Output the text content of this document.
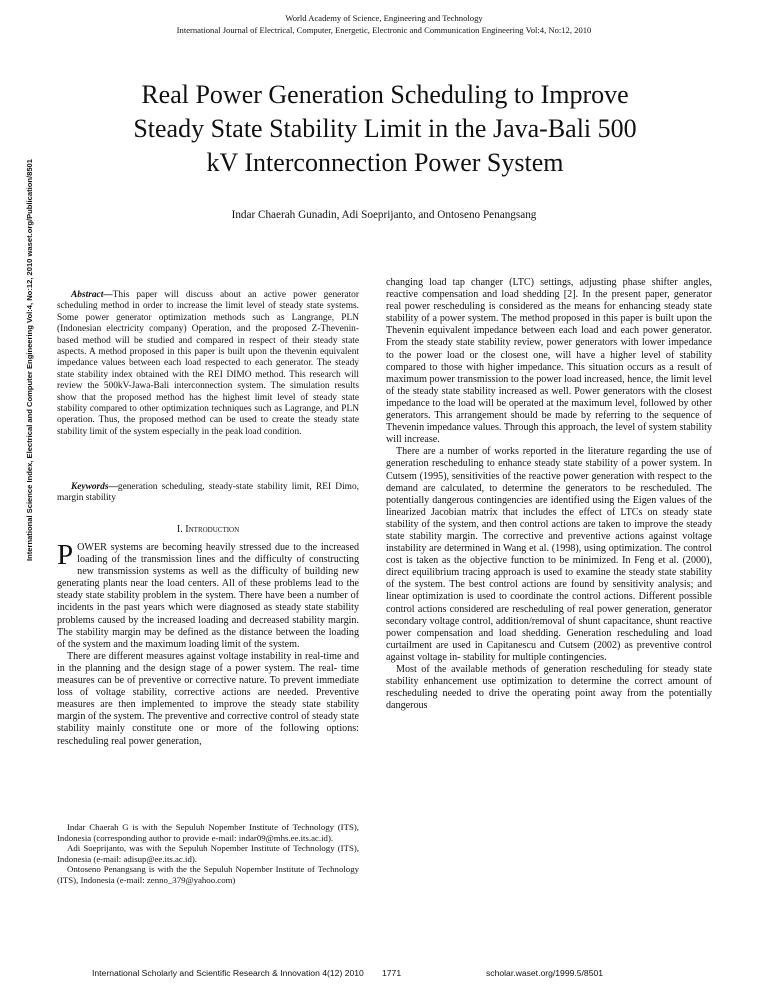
World Academy of Science, Engineering and Technology
International Journal of Electrical, Computer, Energetic, Electronic and Communication Engineering Vol:4, No:12, 2010
International Science Index, Electrical and Computer Engineering Vol:4, No:12, 2010 waset.org/Publication/8501
Real Power Generation Scheduling to Improve
Steady State Stability Limit in the Java-Bali 500
kV Interconnection Power System
Indar Chaerah Gunadin, Adi Soeprijanto, and Ontoseno Penangsang

Abstract—This paper will discuss about an active power generator scheduling method in order to increase the limit level of steady state systems. Some power generator optimization methods such as Langrange, PLN (Indonesian electricity company) Operation, and the proposed Z-Thevenin-based method will be studied and compared in respect of their steady state aspects. A method proposed in this paper is built upon the thevenin equivalent impedance values between each load respected to each generator. The steady state stability index obtained with the REI DIMO method. This research will review the 500kV-Jawa-Bali interconnection system. The simulation results show that the proposed method has the highest limit level of steady state stability compared to other optimization techniques such as Lagrange, and PLN operation. Thus, the proposed method can be used to create the steady state stability limit of the system especially in the peak load condition.

Keywords—generation scheduling, steady-state stability limit, REI Dimo, margin stability

I. Introduction

POWER systems are becoming heavily stressed due to the increased loading of the transmission lines and the difficulty of constructing new transmission systems as well as the difficulty of building new generating plants near the load centers. All of these problems lead to the steady state stability problem in the system. There have been a number of incidents in the past years which were diagnosed as steady state stability problems caused by the increased loading and decreased stability margin. The stability margin may be defined as the distance between the loading of the system and the maximum loading limit of the system.

There are different measures against voltage instability in real-time and in the planning and the design stage of a power system. The real- time measures can be of preventive or corrective nature. To prevent immediate loss of voltage stability, corrective actions are needed. Preventive measures are then implemented to improve the steady state stability margin of the system. The preventive and corrective control of steady state stability mainly constitute one or more of the following options: rescheduling real power generation,

Indar Chaerah G is with the Sepuluh Nopember Institute of Technology (ITS), Indonesia (corresponding author to provide e-mail: indar09@mhs.ee.its.ac.id).

Adi Soeprijanto, was with the Sepuluh Nopember Institute of Technology (ITS), Indonesia (e-mail: adisup@ee.its.ac.id).

Ontoseno Penangsang is with the the Sepuluh Nopember Institute of Technology (ITS), Indonesia (e-mail: zenno_379@yahoo.com)

changing load tap changer (LTC) settings, adjusting phase shifter angles, reactive compensation and load shedding [2]. In the present paper, generator real power rescheduling is considered as the means for enhancing steady state stability of a power system. The method proposed in this paper is built upon the Thevenin equivalent impedance between each load and each power generator. From the steady state stability review, power generators with lower impedance to the power load or the closest one, will have a higher level of stability compared to those with higher impedance. This situation occurs as a result of maximum power transmission to the power load increased, hence, the limit level of the steady state stability increased as well. Power generators with the closest impedance to the load will be operated at the maximum level, followed by other generators. This arrangement should be made by referring to the sequence of Thevenin impedance values. Through this approach, the level of system stability will increase.

There are a number of works reported in the literature regarding the use of generation rescheduling to enhance steady state stability of a power system. In Cutsem (1995), sensitivities of the reactive power generation with respect to the demand are calculated, to determine the generators to be rescheduled. The potentially dangerous contingencies are identified using the Eigen values of the linearized Jacobian matrix that includes the effect of LTCs on steady state stability of the system, and then control actions are taken to improve the steady state stability margin. The corrective and preventive actions against voltage instability are determined in Wang et al. (1998), using optimization. The control cost is taken as the objective function to be minimized. In Feng et al. (2000), direct equilibrium tracing approach is used to examine the steady state stability of the system. The best control actions are found by sensitivity analysis; and linear optimization is used to coordinate the control actions. Different possible control actions considered are rescheduling of real power generation, generator secondary voltage control, addition/removal of shunt capacitance, shunt reactive power compensation and load shedding. Generation rescheduling and load curtailment are used in Capitanescu and Cutsem (2002) as preventive control against voltage in- stability for multiple contingencies.

Most of the available methods of generation rescheduling for steady state stability enhancement use optimization to determine the correct amount of rescheduling needed to drive the operating point away from the potentially dangerous

International Scholarly and Scientific Research & Innovation 4(12) 2010 1771	scholar.waset.org/1999.5/8501
